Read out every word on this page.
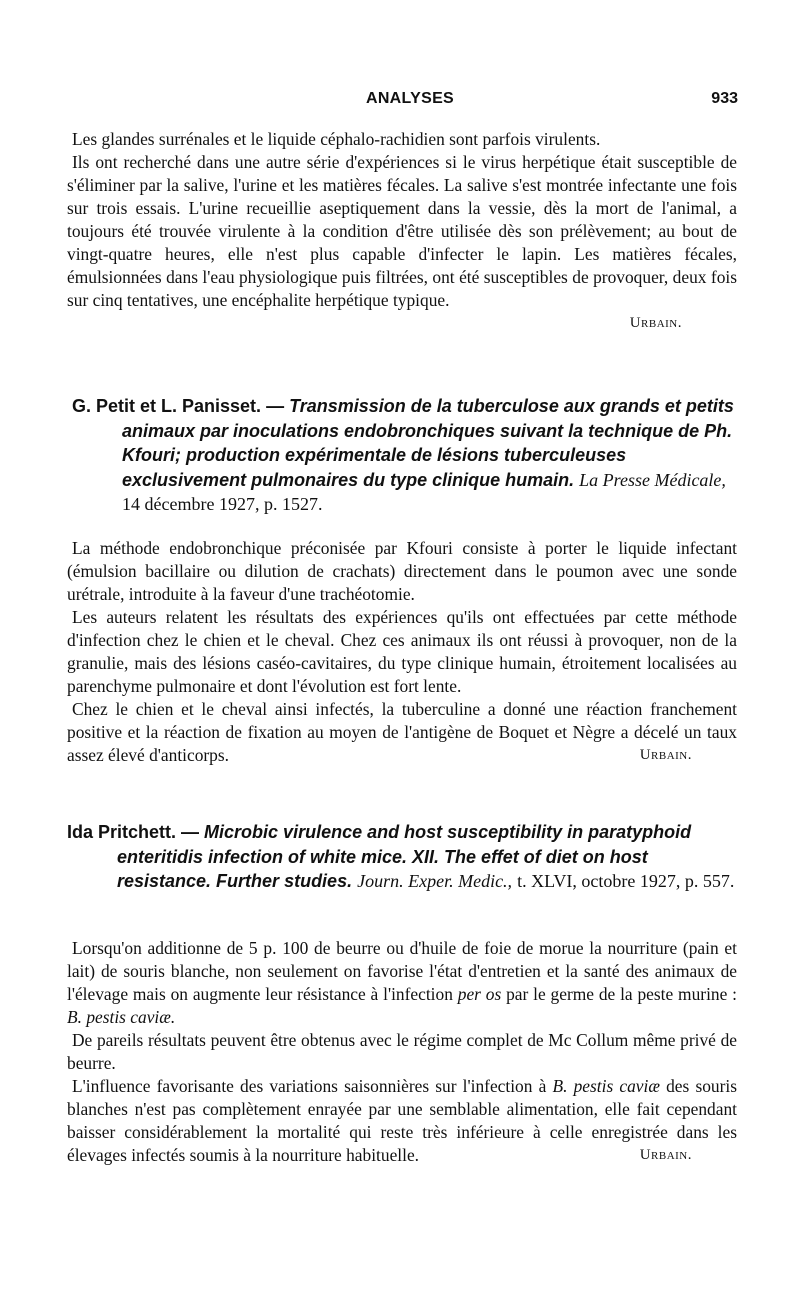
ANALYSES	933

Les glandes surrénales et le liquide céphalo-rachidien sont parfois virulents.

Ils ont recherché dans une autre série d'expériences si le virus herpétique était susceptible de s'éliminer par la salive, l'urine et les matières fécales. La salive s'est montrée infectante une fois sur trois essais. L'urine recueillie aseptiquement dans la vessie, dès la mort de l'animal, a toujours été trouvée virulente à la condition d'être utilisée dès son prélèvement; au bout de vingt-quatre heures, elle n'est plus capable d'infecter le lapin. Les matières fécales, émulsionnées dans l'eau physiologique puis filtrées, ont été susceptibles de provoquer, deux fois sur cinq tentatives, une encéphalite herpétique typique.

Urbain.

G. Petit et L. Panisset. — Transmission de la tuberculose aux grands et petits animaux par inoculations endobronchiques suivant la technique de Ph. Kfouri; production expérimentale de lésions tuberculeuses exclusivement pulmonaires du type clinique humain. La Presse Médicale, 14 décembre 1927, p. 1527.

La méthode endobronchique préconisée par Kfouri consiste à porter le liquide infectant (émulsion bacillaire ou dilution de crachats) directement dans le poumon avec une sonde urétrale, introduite à la faveur d'une trachéotomie.

Les auteurs relatent les résultats des expériences qu'ils ont effectuées par cette méthode d'infection chez le chien et le cheval. Chez ces animaux ils ont réussi à provoquer, non de la granulie, mais des lésions caséo-cavitaires, du type clinique humain, étroitement localisées au parenchyme pulmonaire et dont l'évolution est fort lente.

Chez le chien et le cheval ainsi infectés, la tuberculine a donné une réaction franchement positive et la réaction de fixation au moyen de l'antigène de Boquet et Nègre a décelé un taux assez élevé d'anticorps.	Urbain.

Ida Pritchett. — Microbic virulence and host susceptibility in paratyphoid enteritidis infection of white mice. XII. The effet of diet on host resistance. Further studies. Journ. Exper. Medic., t. XLVI, octobre 1927, p. 557.

Lorsqu'on additionne de 5 p. 100 de beurre ou d'huile de foie de morue la nourriture (pain et lait) de souris blanche, non seulement on favorise l'état d'entretien et la santé des animaux de l'élevage mais on augmente leur résistance à l'infection per os par le germe de la peste murine : B. pestis caviæ.

De pareils résultats peuvent être obtenus avec le régime complet de Mc Collum même privé de beurre.

L'influence favorisante des variations saisonnières sur l'infection à B. pestis caviæ des souris blanches n'est pas complètement enrayée par une semblable alimentation, elle fait cependant baisser considérablement la mortalité qui reste très inférieure à celle enregistrée dans les élevages infectés soumis à la nourriture habituelle.	Urbain.
